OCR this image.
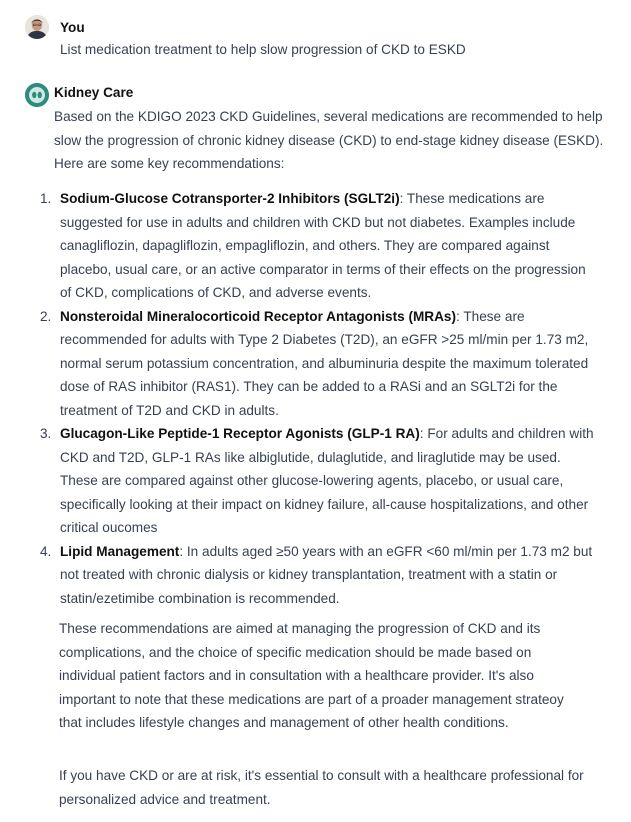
You
List medication treatment to help slow progression of CKD to ESKD
Kidney Care
Based on the KDIGO 2023 CKD Guidelines, several medications are recommended to help slow the progression of chronic kidney disease (CKD) to end-stage kidney disease (ESKD). Here are some key recommendations:
1. Sodium-Glucose Cotransporter-2 Inhibitors (SGLT2i): These medications are suggested for use in adults and children with CKD but not diabetes. Examples include canagliflozin, dapagliflozin, empagliflozin, and others. They are compared against placebo, usual care, or an active comparator in terms of their effects on the progression of CKD, complications of CKD, and adverse events.
2. Nonsteroidal Mineralocorticoid Receptor Antagonists (MRAs): These are recommended for adults with Type 2 Diabetes (T2D), an eGFR >25 ml/min per 1.73 m2, normal serum potassium concentration, and albuminuria despite the maximum tolerated dose of RAS inhibitor (RAS1). They can be added to a RASi and an SGLT2i for the treatment of T2D and CKD in adults.
3. Glucagon-Like Peptide-1 Receptor Agonists (GLP-1 RA): For adults and children with CKD and T2D, GLP-1 RAs like albiglutide, dulaglutide, and liraglutide may be used. These are compared against other glucose-lowering agents, placebo, or usual care, specifically looking at their impact on kidney failure, all-cause hospitalizations, and other critical oucomes
4. Lipid Management: In adults aged ≥50 years with an eGFR <60 ml/min per 1.73 m2 but not treated with chronic dialysis or kidney transplantation, treatment with a statin or statin/ezetimibe combination is recommended.
These recommendations are aimed at managing the progression of CKD and its complications, and the choice of specific medication should be made based on individual patient factors and in consultation with a healthcare provider. It's also important to note that these medications are part of a proader management strateoy that includes lifestyle changes and management of other health conditions.
If you have CKD or are at risk, it's essential to consult with a healthcare professional for personalized advice and treatment.
